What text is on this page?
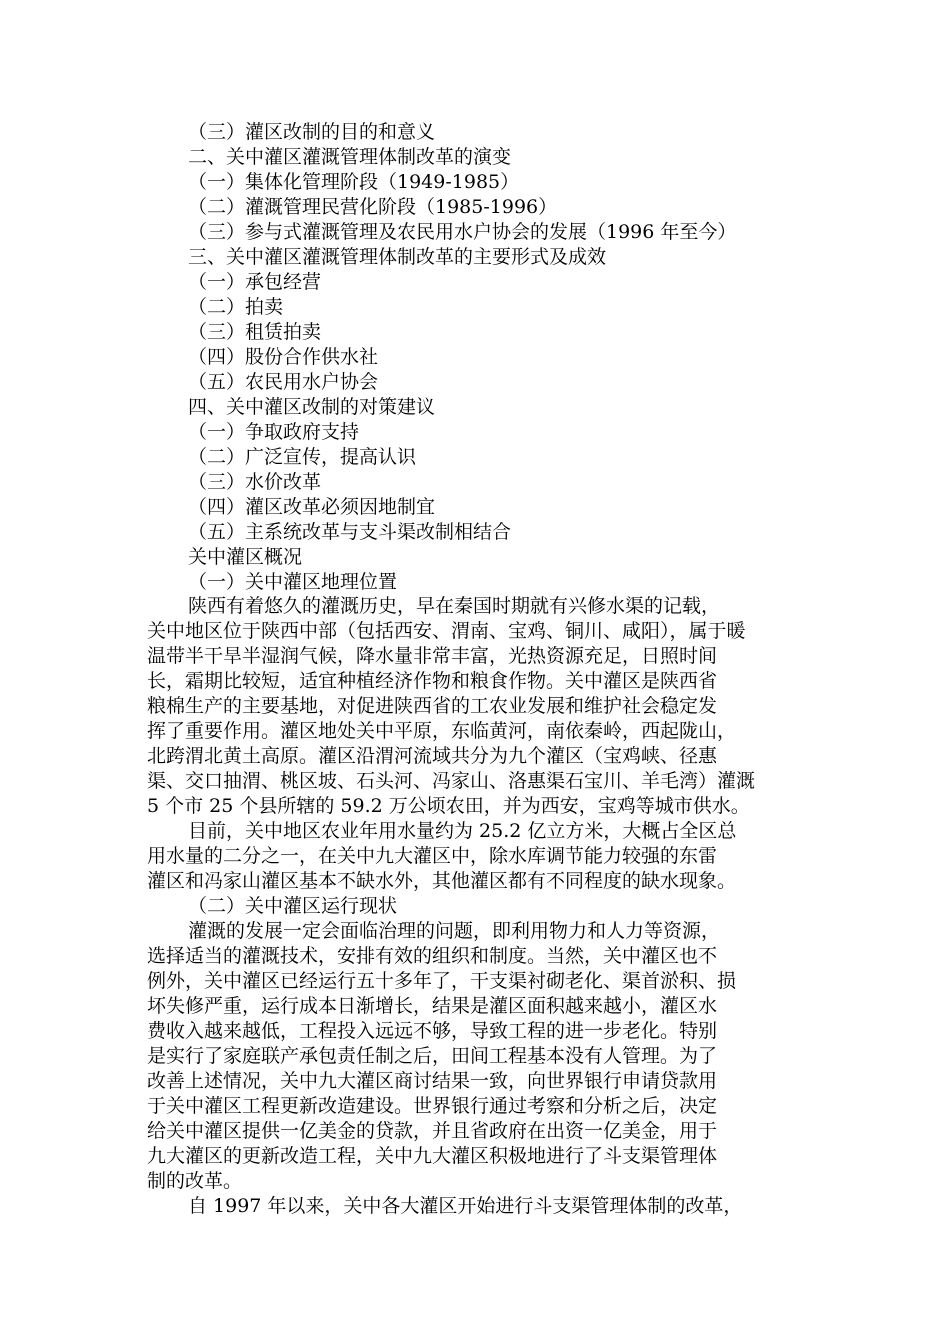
（三）灌区改制的目的和意义
二、关中灌区灌溉管理体制改革的演变
（一）集体化管理阶段（1949-1985）
（二）灌溉管理民营化阶段（1985-1996）
（三）参与式灌溉管理及农民用水户协会的发展（1996 年至今）
三、关中灌区灌溉管理体制改革的主要形式及成效
（一）承包经营
（二）拍卖
（三）租赁拍卖
（四）股份合作供水社
（五）农民用水户协会
四、关中灌区改制的对策建议
（一）争取政府支持
（二）广泛宣传，提高认识
（三）水价改革
（四）灌区改革必须因地制宜
（五）主系统改革与支斗渠改制相结合
关中灌区概况
（一）关中灌区地理位置
陕西有着悠久的灌溉历史，早在秦国时期就有兴修水渠的记载，
关中地区位于陕西中部（包括西安、渭南、宝鸡、铜川、咸阳），属于暖
温带半干旱半湿润气候，降水量非常丰富，光热资源充足，日照时间
长，霜期比较短，适宜种植经济作物和粮食作物。关中灌区是陕西省
粮棉生产的主要基地，对促进陕西省的工农业发展和维护社会稳定发
挥了重要作用。灌区地处关中平原，东临黄河，南依秦岭，西起陇山，
北跨渭北黄土高原。灌区沿渭河流域共分为九个灌区（宝鸡峡、径惠
渠、交口抽渭、桃区坡、石头河、冯家山、洛惠渠石宝川、羊毛湾）灌溉
5 个市 25 个县所辖的 59.2 万公顷农田，并为西安，宝鸡等城市供水。
目前，关中地区农业年用水量约为 25.2 亿立方米，大概占全区总
用水量的二分之一，在关中九大灌区中，除水库调节能力较强的东雷
灌区和冯家山灌区基本不缺水外，其他灌区都有不同程度的缺水现象。
（二）关中灌区运行现状
灌溉的发展一定会面临治理的问题，即利用物力和人力等资源，
选择适当的灌溉技术，安排有效的组织和制度。当然，关中灌区也不
例外，关中灌区已经运行五十多年了，干支渠衬砌老化、渠首淤积、损
坏失修严重，运行成本日渐增长，结果是灌区面积越来越小，灌区水
费收入越来越低，工程投入远远不够，导致工程的进一步老化。特别
是实行了家庭联产承包责任制之后，田间工程基本没有人管理。为了
改善上述情况，关中九大灌区商讨结果一致，向世界银行申请贷款用
于关中灌区工程更新改造建设。世界银行通过考察和分析之后，决定
给关中灌区提供一亿美金的贷款，并且省政府在出资一亿美金，用于
九大灌区的更新改造工程，关中九大灌区积极地进行了斗支渠管理体
制的改革。
自 1997 年以来，关中各大灌区开始进行斗支渠管理体制的改革，
